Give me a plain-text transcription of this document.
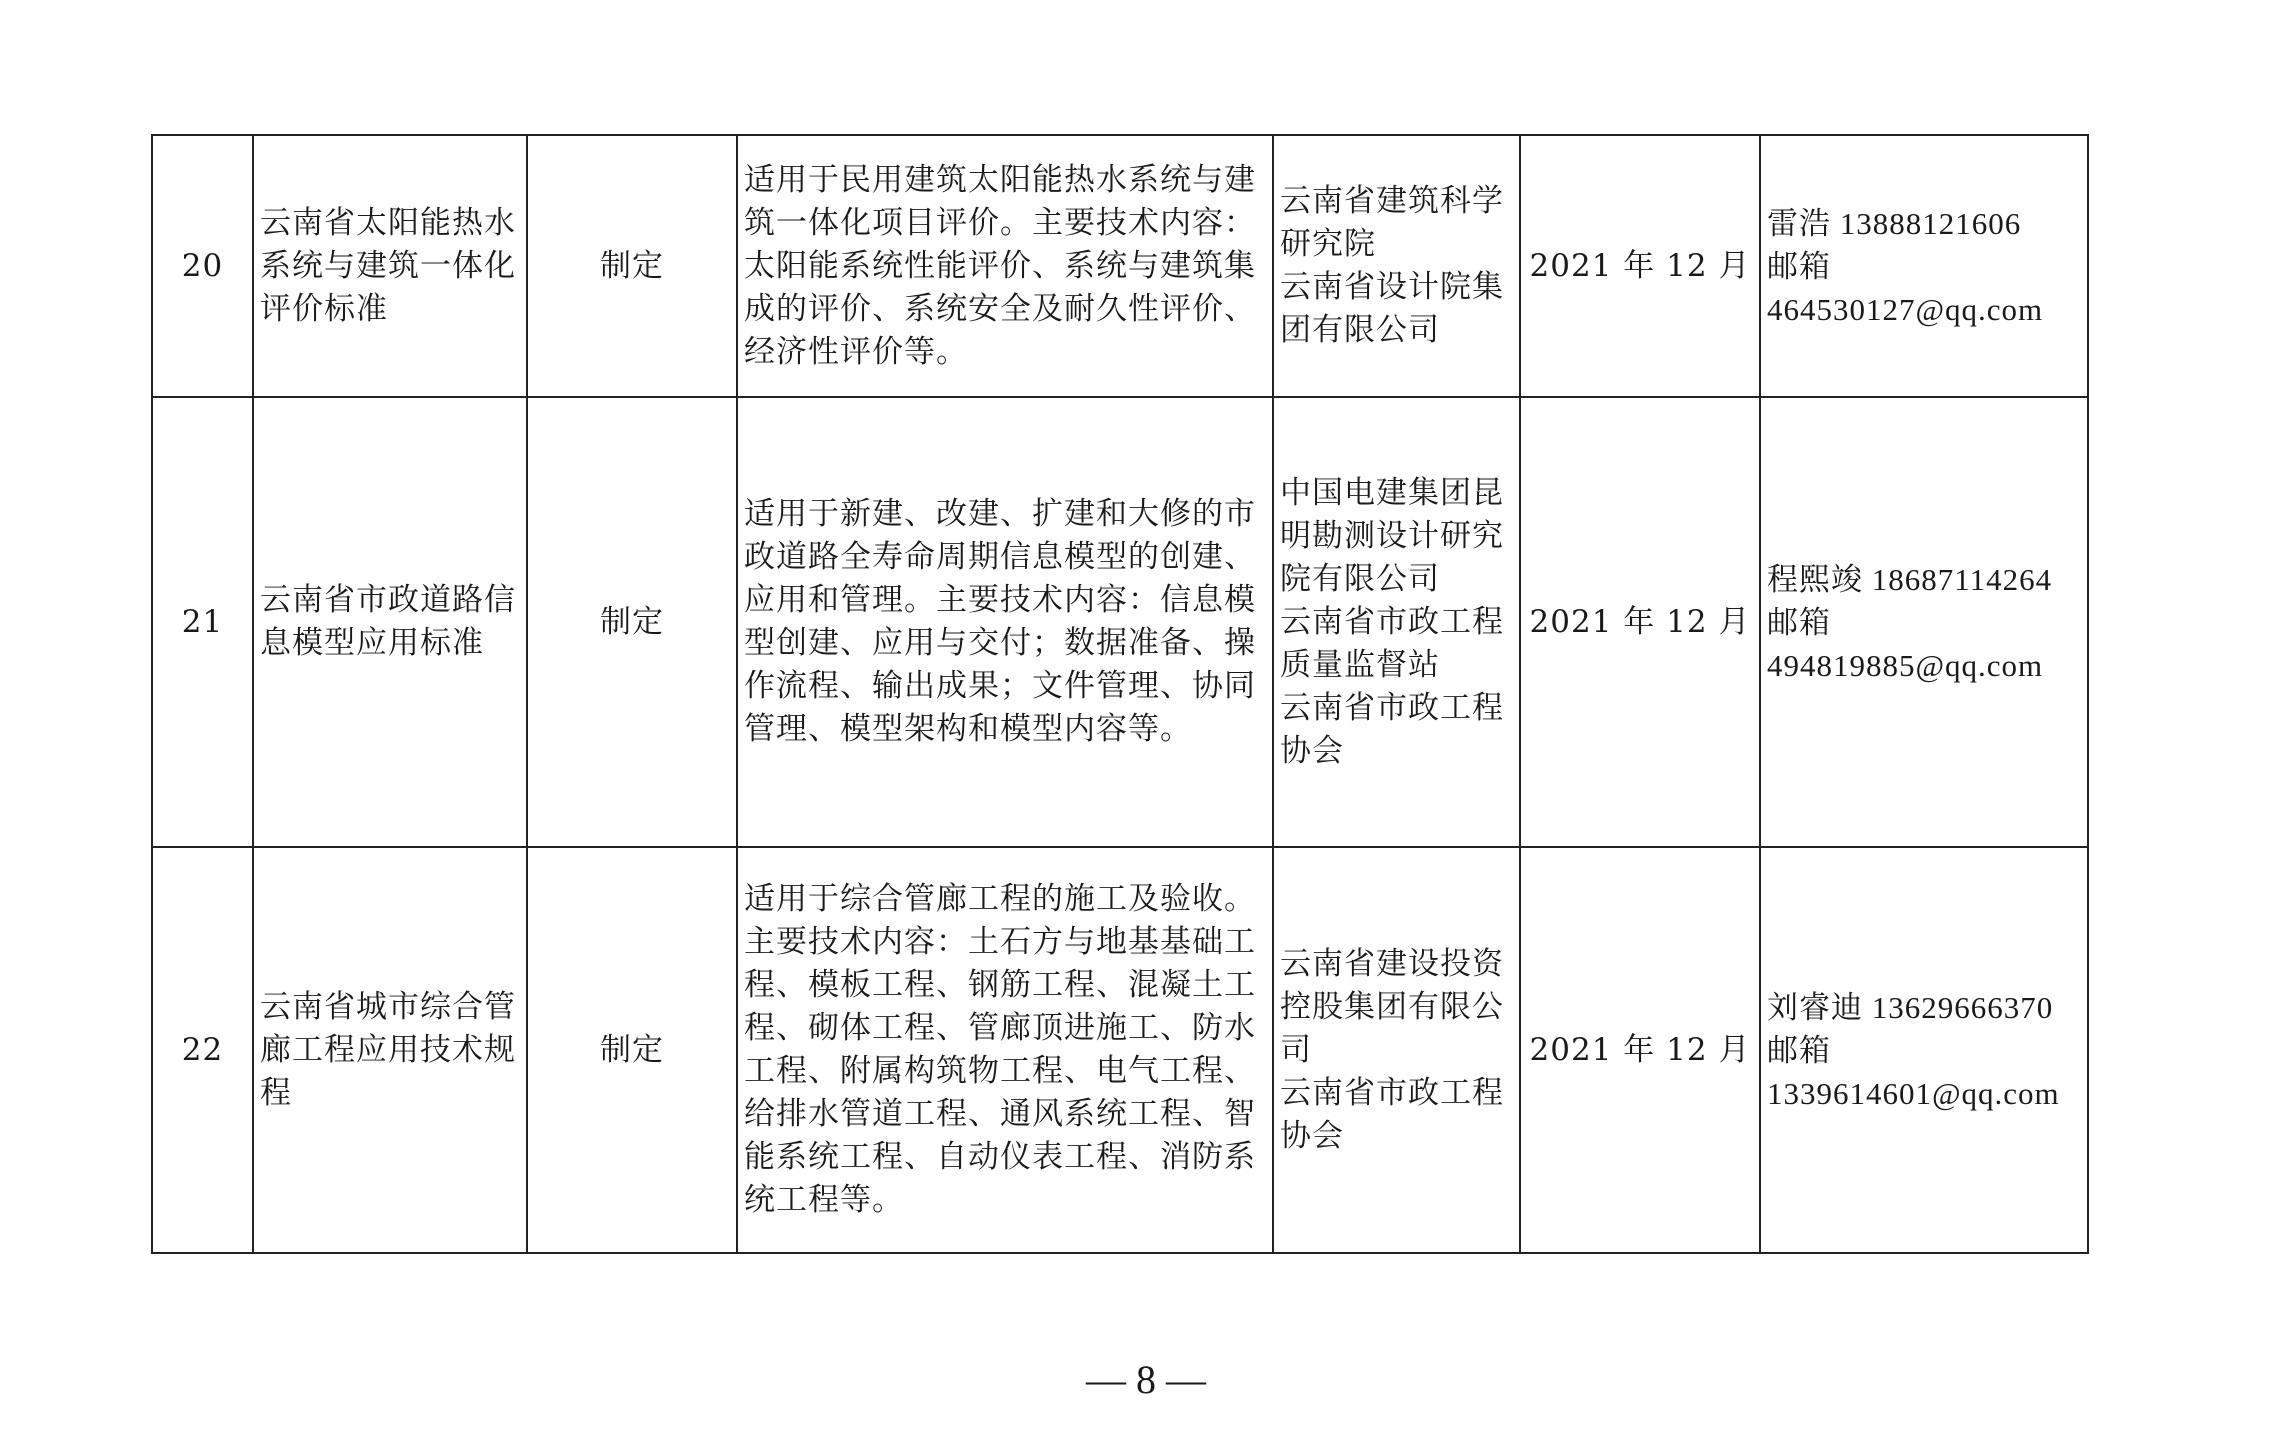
20	云南省太阳能热水系统与建筑一体化评价标准	制定	适用于民用建筑太阳能热水系统与建筑一体化项目评价。主要技术内容：太阳能系统性能评价、系统与建筑集成的评价、系统安全及耐久性评价、经济性评价等。	云南省建筑科学研究院
云南省设计院集团有限公司	2021 年 12 月	雷浩 13888121606
邮箱
464530127@qq.com

21	云南省市政道路信息模型应用标准	制定	适用于新建、改建、扩建和大修的市政道路全寿命周期信息模型的创建、应用和管理。主要技术内容：信息模型创建、应用与交付；数据准备、操作流程、输出成果；文件管理、协同管理、模型架构和模型内容等。	中国电建集团昆明勘测设计研究院有限公司
云南省市政工程质量监督站
云南省市政工程协会	2021 年 12 月	程熙竣 18687114264
邮箱
494819885@qq.com

22	云南省城市综合管廊工程应用技术规程	制定	适用于综合管廊工程的施工及验收。主要技术内容：土石方与地基基础工程、模板工程、钢筋工程、混凝土工程、砌体工程、管廊顶进施工、防水工程、附属构筑物工程、电气工程、给排水管道工程、通风系统工程、智能系统工程、自动仪表工程、消防系统工程等。	云南省建设投资控股集团有限公司
云南省市政工程协会	2021 年 12 月	刘睿迪 13629666370
邮箱
1339614601@qq.com
— 8 —
